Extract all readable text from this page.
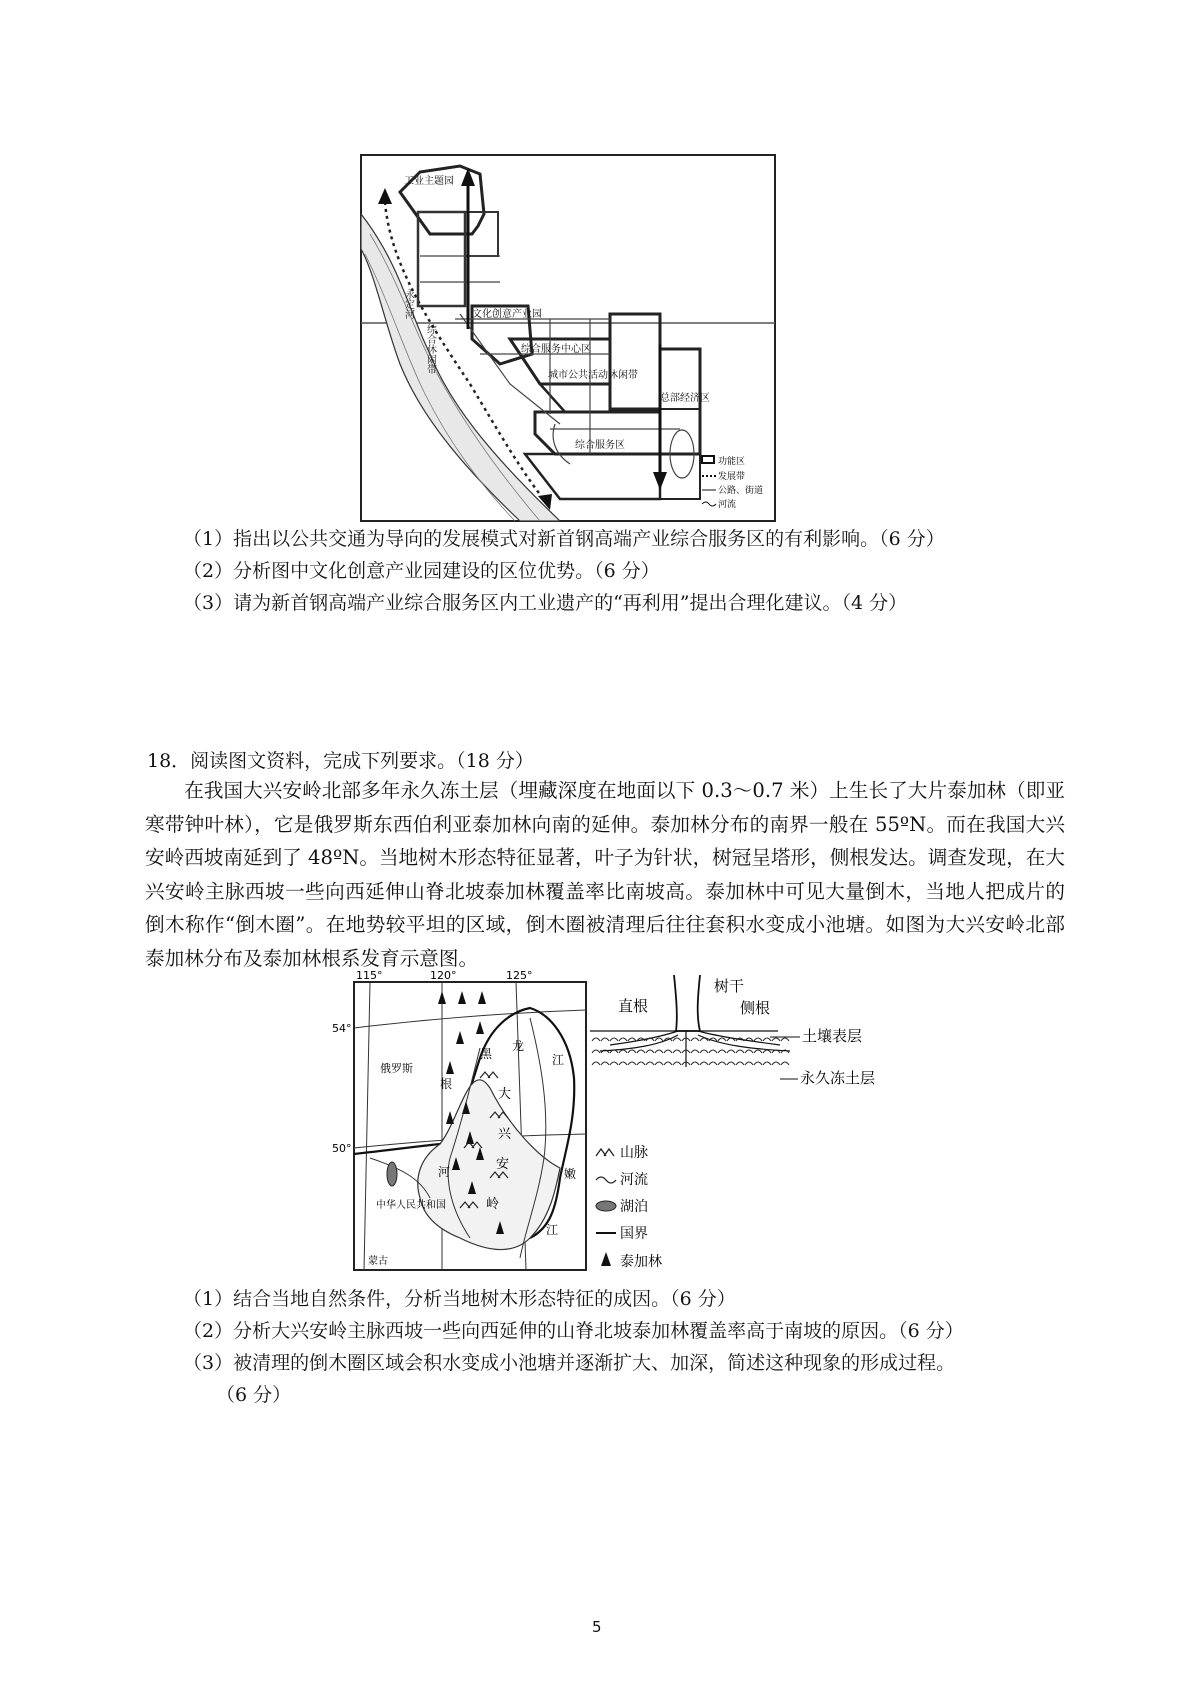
工业主题园
文化创意产业园
综合服务中心区
城市公共活动休闲带
总部经济区
综合服务区
永定河
综合休闲带
功能区
发展带
公路、街道
河流
（1）指出以公共交通为导向的发展模式对新首钢高端产业综合服务区的有利影响。（6 分）
（2）分析图中文化创意产业园建设的区位优势。（6 分）
（3）请为新首钢高端产业综合服务区内工业遗产的“再利用”提出合理化建议。（4 分）
18．阅读图文资料，完成下列要求。（18 分）

在我国大兴安岭北部多年永久冻土层（埋藏深度在地面以下 0.3～0.7 米）上生长了大片泰加林（即亚寒带钟叶林），它是俄罗斯东西伯利亚泰加林向南的延伸。泰加林分布的南界一般在 55ºN。而在我国大兴安岭西坡南延到了 48ºN。当地树木形态特征显著，叶子为针状，树冠呈塔形，侧根发达。调查发现，在大兴安岭主脉西坡一些向西延伸山脊北坡泰加林覆盖率比南坡高。泰加林中可见大量倒木，当地人把成片的倒木称作“倒木圈”。在地势较平坦的区域，倒木圈被清理后往往套积水变成小池塘。如图为大兴安岭北部泰加林分布及泰加林根系发育示意图。

115°	120°	125°
54°
50°
俄罗斯
中华人民共和国
蒙古
大
兴
安
岭
黑
龙
江
嫩
江
根
河
山脉
河流
湖泊
国界
泰加林
树干
直根	侧根
土壤表层
永久冻土层
（1）结合当地自然条件，分析当地树木形态特征的成因。（6 分）
（2）分析大兴安岭主脉西坡一些向西延伸的山脊北坡泰加林覆盖率高于南坡的原因。（6 分）
（3）被清理的倒木圈区域会积水变成小池塘并逐渐扩大、加深，简述这种现象的形成过程。
（6 分）
5
